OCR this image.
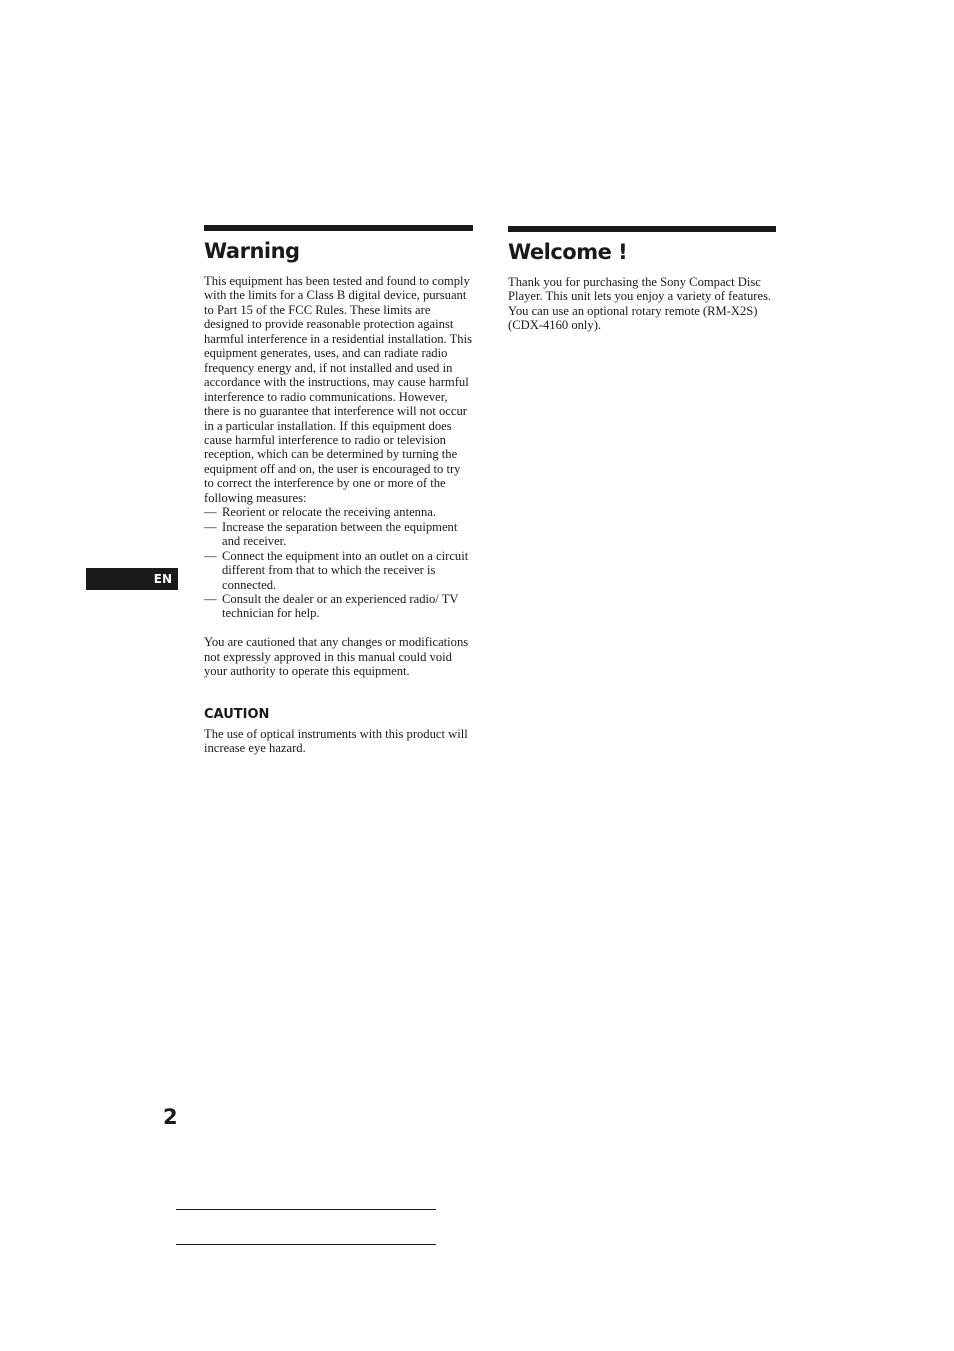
EN
Warning

This equipment has been tested and found to comply with the limits for a Class B digital device, pursuant to Part 15 of the FCC Rules. These limits are designed to provide reasonable protection against harmful interference in a residential installation. This equipment generates, uses, and can radiate radio frequency energy and, if not installed and used in accordance with the instructions, may cause harmful interference to radio communications. However, there is no guarantee that interference will not occur in a particular installation. If this equipment does cause harmful interference to radio or television reception, which can be determined by turning the equipment off and on, the user is encouraged to try to correct the interference by one or more of the following measures:

— Reorient or relocate the receiving antenna.
— Increase the separation between the equipment and receiver.
— Connect the equipment into an outlet on a circuit different from that to which the receiver is connected.
— Consult the dealer or an experienced radio/ TV technician for help.

You are cautioned that any changes or modifications not expressly approved in this manual could void your authority to operate this equipment.

CAUTION

The use of optical instruments with this product will increase eye hazard.

Welcome !

Thank you for purchasing the Sony Compact Disc Player. This unit lets you enjoy a variety of features. You can use an optional rotary remote (RM-X2S) (CDX-4160 only).

2
